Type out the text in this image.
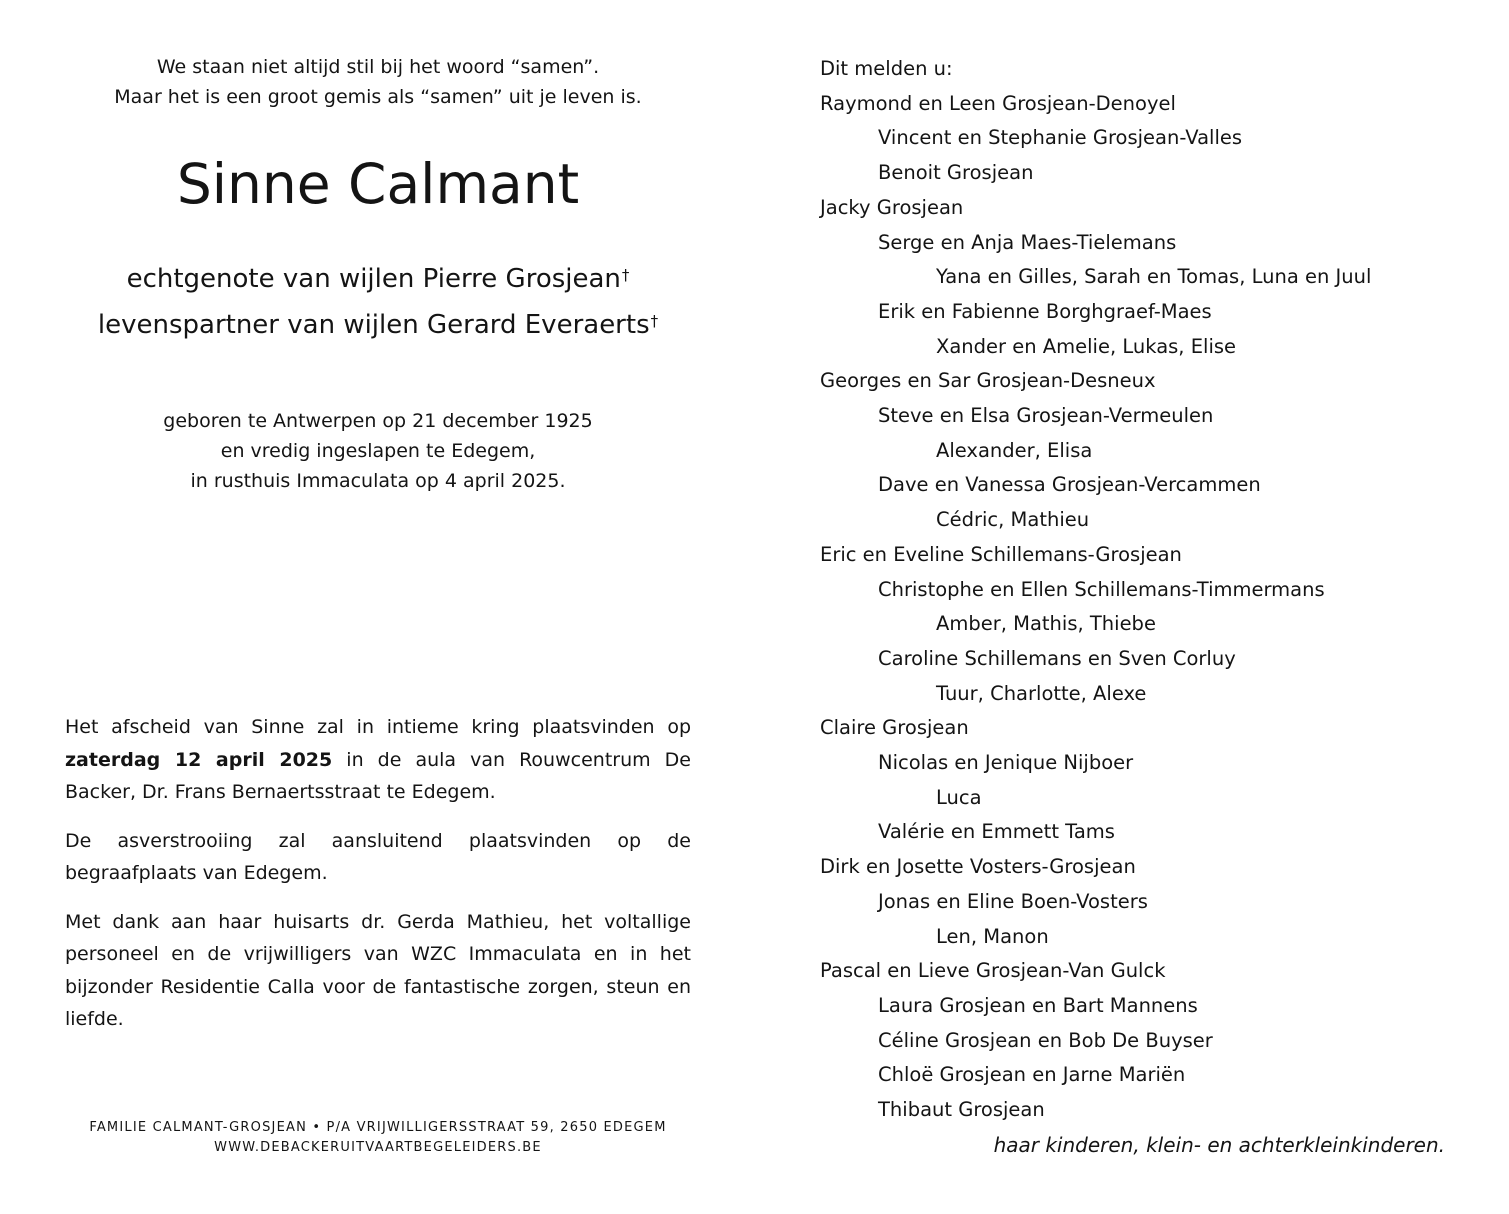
We staan niet altijd stil bij het woord “samen”.
Maar het is een groot gemis als “samen” uit je leven is.
Sinne Calmant
echtgenote van wijlen Pierre Grosjean†
levenspartner van wijlen Gerard Everaerts†
geboren te Antwerpen op 21 december 1925
en vredig ingeslapen te Edegem,
in rusthuis Immaculata op 4 april 2025.

Het afscheid van Sinne zal in intieme kring plaatsvinden op zaterdag 12 april 2025 in de aula van Rouwcentrum De Backer, Dr. Frans Bernaertsstraat te Edegem.

De asverstrooiing zal aansluitend plaatsvinden op de begraafplaats van Edegem.

Met dank aan haar huisarts dr. Gerda Mathieu, het voltallige personeel en de vrijwilligers van WZC Immaculata en in het bijzonder Residentie Calla voor de fantastische zorgen, steun en liefde.

FAMILIE CALMANT-GROSJEAN • P/A VRIJWILLIGERSSTRAAT 59, 2650 EDEGEM
WWW.DEBACKERUITVAARTBEGELEIDERS.BE
Dit melden u:
Raymond en Leen Grosjean-Denoyel
Vincent en Stephanie Grosjean-Valles
Benoit Grosjean
Jacky Grosjean
Serge en Anja Maes-Tielemans
Yana en Gilles, Sarah en Tomas, Luna en Juul
Erik en Fabienne Borghgraef-Maes
Xander en Amelie, Lukas, Elise
Georges en Sar Grosjean-Desneux
Steve en Elsa Grosjean-Vermeulen
Alexander, Elisa
Dave en Vanessa Grosjean-Vercammen
Cédric, Mathieu
Eric en Eveline Schillemans-Grosjean
Christophe en Ellen Schillemans-Timmermans
Amber, Mathis, Thiebe
Caroline Schillemans en Sven Corluy
Tuur, Charlotte, Alexe
Claire Grosjean
Nicolas en Jenique Nijboer
Luca
Valérie en Emmett Tams
Dirk en Josette Vosters-Grosjean
Jonas en Eline Boen-Vosters
Len, Manon
Pascal en Lieve Grosjean-Van Gulck
Laura Grosjean en Bart Mannens
Céline Grosjean en Bob De Buyser
Chloë Grosjean en Jarne Mariën
Thibaut Grosjean
haar kinderen, klein- en achterkleinkinderen.
